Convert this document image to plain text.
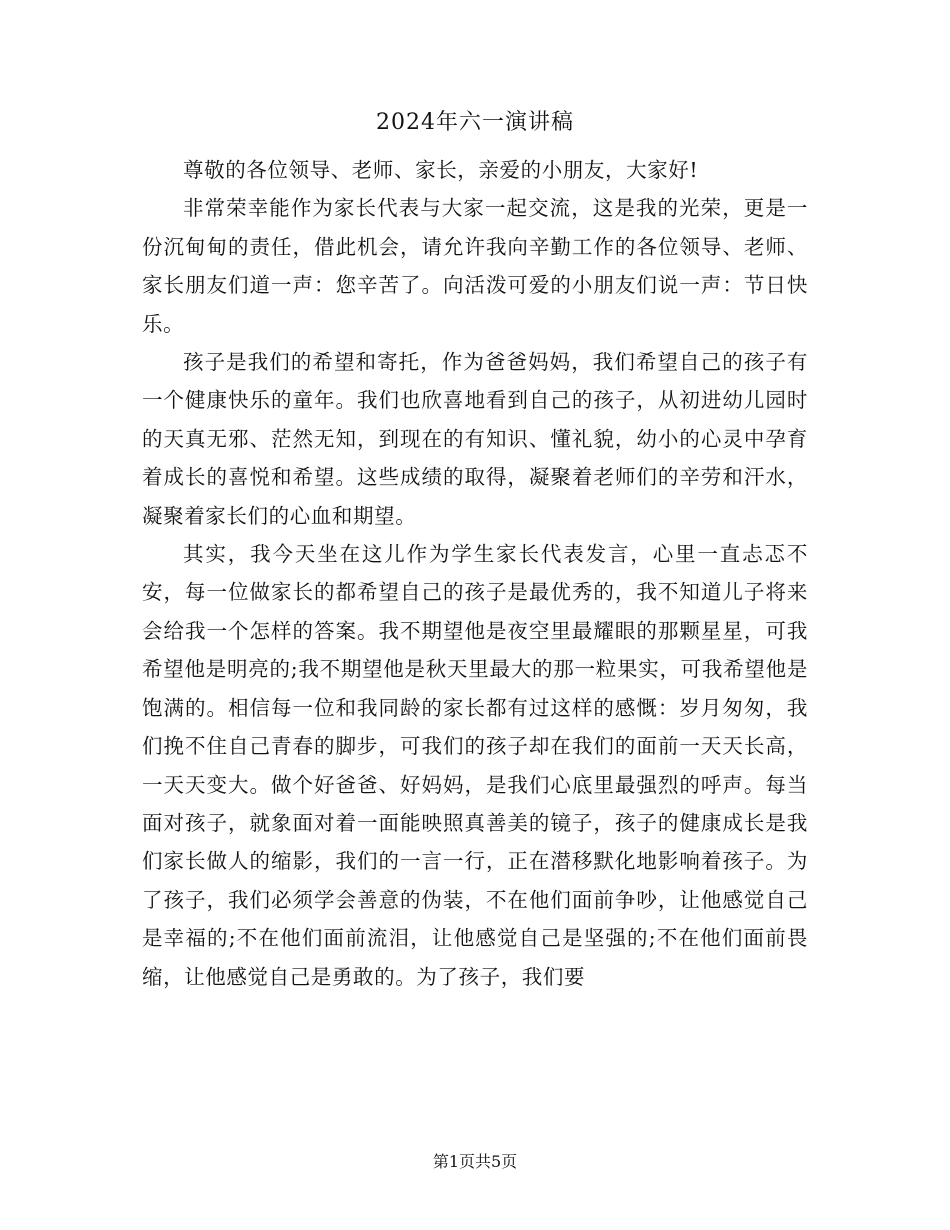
2024年六一演讲稿

尊敬的各位领导、老师、家长，亲爱的小朋友，大家好!

非常荣幸能作为家长代表与大家一起交流，这是我的光荣，更是一份沉甸甸的责任，借此机会，请允许我向辛勤工作的各位领导、老师、家长朋友们道一声：您辛苦了。向活泼可爱的小朋友们说一声：节日快乐。

孩子是我们的希望和寄托，作为爸爸妈妈，我们希望自己的孩子有一个健康快乐的童年。我们也欣喜地看到自己的孩子，从初进幼儿园时的天真无邪、茫然无知，到现在的有知识、懂礼貌，幼小的心灵中孕育着成长的喜悦和希望。这些成绩的取得，凝聚着老师们的辛劳和汗水，凝聚着家长们的心血和期望。

其实，我今天坐在这儿作为学生家长代表发言，心里一直忐忑不安，每一位做家长的都希望自己的孩子是最优秀的，我不知道儿子将来会给我一个怎样的答案。我不期望他是夜空里最耀眼的那颗星星，可我希望他是明亮的;我不期望他是秋天里最大的那一粒果实，可我希望他是饱满的。相信每一位和我同龄的家长都有过这样的感慨：岁月匆匆，我们挽不住自己青春的脚步，可我们的孩子却在我们的面前一天天长高，一天天变大。做个好爸爸、好妈妈，是我们心底里最强烈的呼声。每当面对孩子，就象面对着一面能映照真善美的镜子，孩子的健康成长是我们家长做人的缩影，我们的一言一行，正在潜移默化地影响着孩子。为了孩子，我们必须学会善意的伪装，不在他们面前争吵，让他感觉自己是幸福的;不在他们面前流泪，让他感觉自己是坚强的;不在他们面前畏缩，让他感觉自己是勇敢的。为了孩子，我们要

第1页共5页
